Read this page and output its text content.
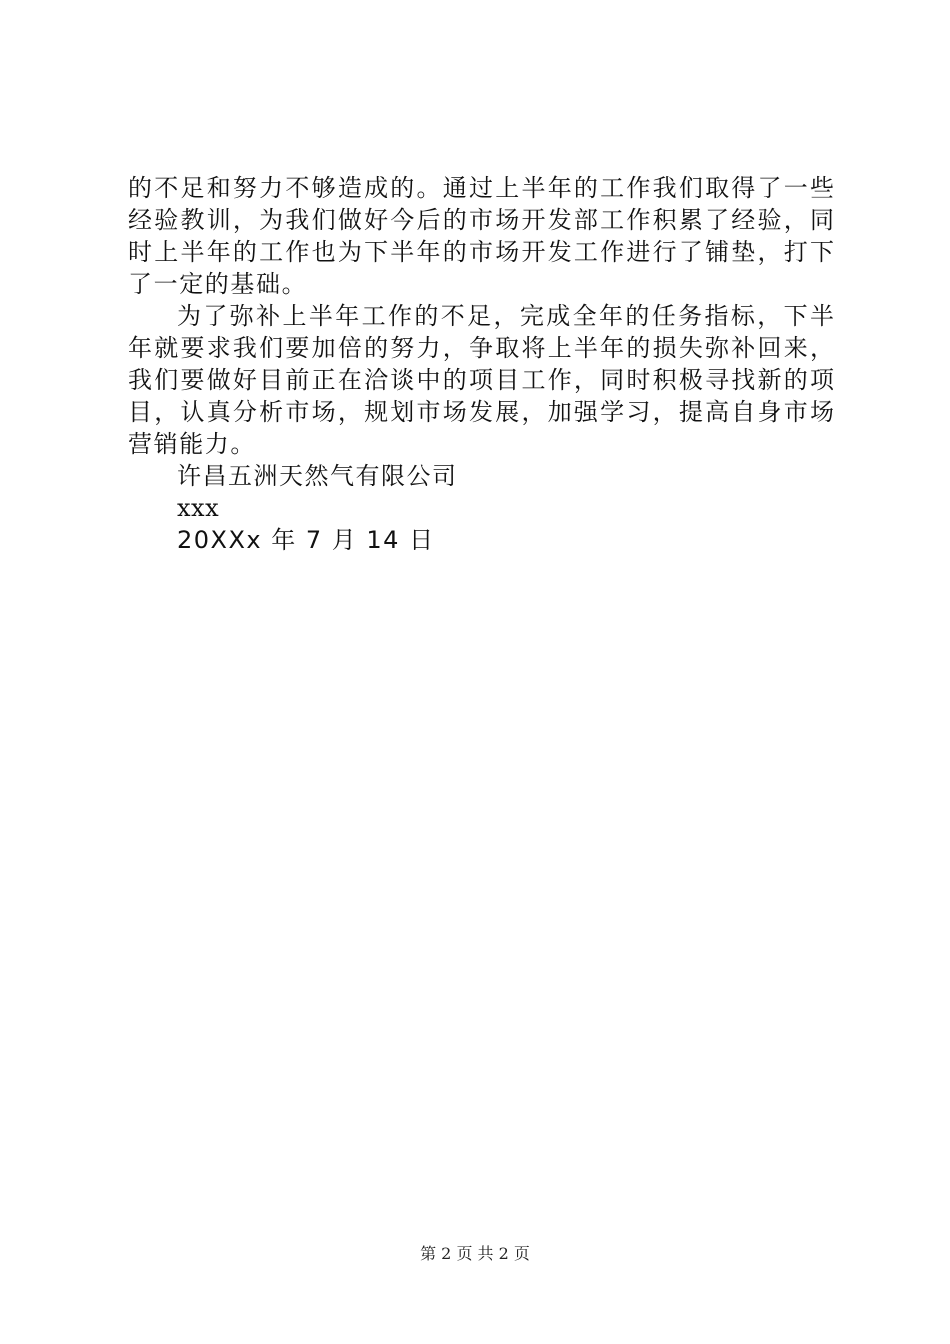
的不足和努力不够造成的。通过上半年的工作我们取得了一些
经验教训，为我们做好今后的市场开发部工作积累了经验，同
时上半年的工作也为下半年的市场开发工作进行了铺垫，打下
了一定的基础。
为了弥补上半年工作的不足，完成全年的任务指标，下半
年就要求我们要加倍的努力，争取将上半年的损失弥补回来，
我们要做好目前正在洽谈中的项目工作，同时积极寻找新的项
目，认真分析市场，规划市场发展，加强学习，提高自身市场
营销能力。
许昌五洲天然气有限公司
xxx
20XXx 年 7 月 14 日
第 2 页 共 2 页
